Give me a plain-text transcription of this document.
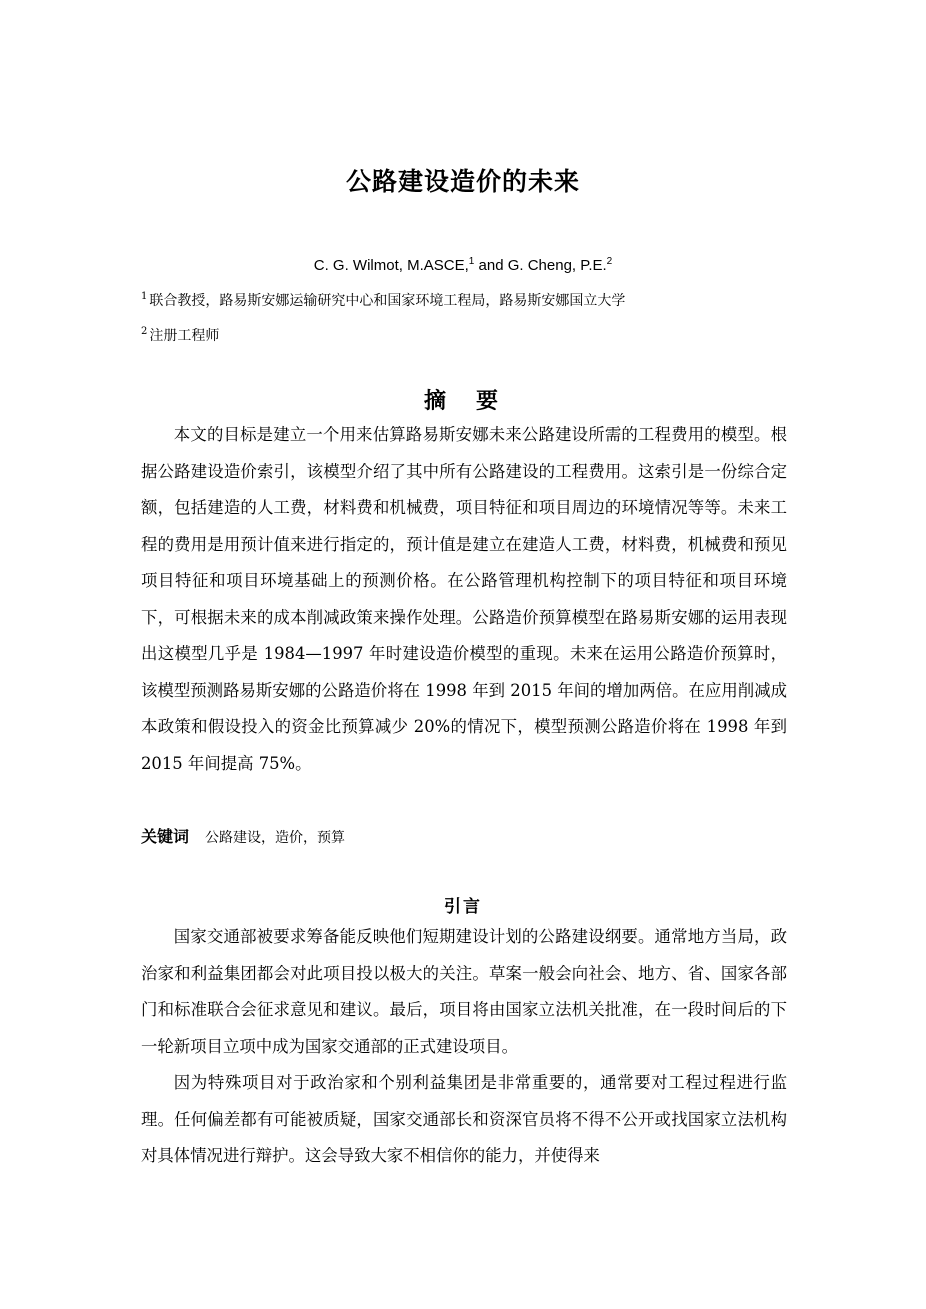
公路建设造价的未来
C. G. Wilmot, M.ASCE,$^1$ and G. Cheng, P.E.$^2$
$^1$ 联合教授，路易斯安娜运输研究中心和国家环境工程局，路易斯安娜国立大学
$^2$ 注册工程师
摘　要

本文的目标是建立一个用来估算路易斯安娜未来公路建设所需的工程费用的模型。根据公路建设造价索引，该模型介绍了其中所有公路建设的工程费用。这索引是一份综合定额，包括建造的人工费，材料费和机械费，项目特征和项目周边的环境情况等等。未来工程的费用是用预计值来进行指定的，预计值是建立在建造人工费，材料费，机械费和预见项目特征和项目环境基础上的预测价格。在公路管理机构控制下的项目特征和项目环境下，可根据未来的成本削减政策来操作处理。公路造价预算模型在路易斯安娜的运用表现出这模型几乎是 1984—1997 年时建设造价模型的重现。未来在运用公路造价预算时，该模型预测路易斯安娜的公路造价将在 1998 年到 2015 年间的增加两倍。在应用削减成本政策和假设投入的资金比预算减少 20%的情况下，模型预测公路造价将在 1998 年到 2015 年间提高 75%。

关键词 公路建设，造价，预算
引言

国家交通部被要求筹备能反映他们短期建设计划的公路建设纲要。通常地方当局，政治家和利益集团都会对此项目投以极大的关注。草案一般会向社会、地方、省、国家各部门和标准联合会征求意见和建议。最后，项目将由国家立法机关批准，在一段时间后的下一轮新项目立项中成为国家交通部的正式建设项目。

因为特殊项目对于政治家和个别利益集团是非常重要的，通常要对工程过程进行监理。任何偏差都有可能被质疑，国家交通部长和资深官员将不得不公开或找国家立法机构对具体情况进行辩护。这会导致大家不相信你的能力，并使得来
